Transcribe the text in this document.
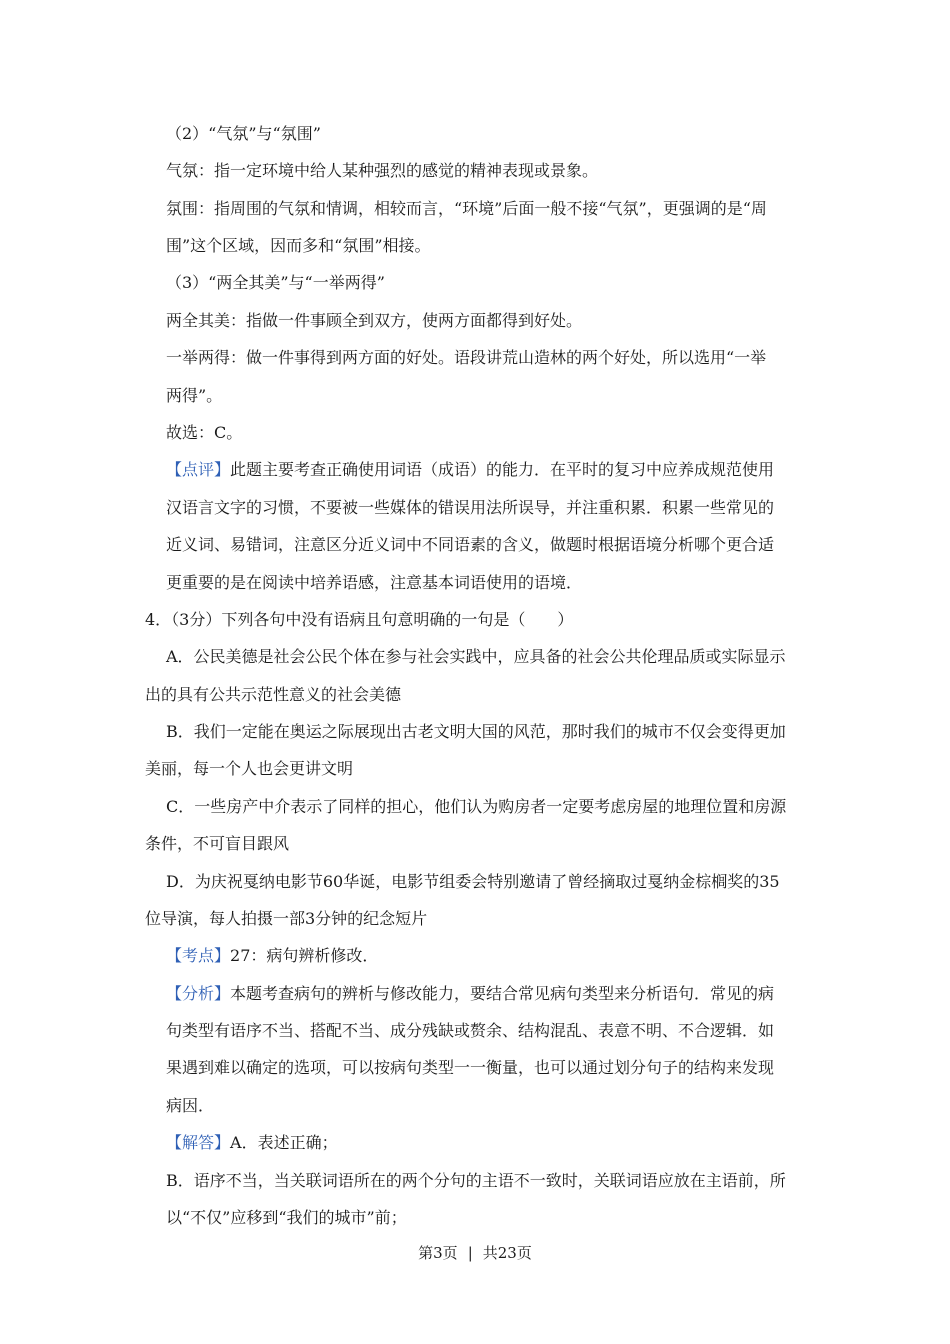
（2）“气氛”与“氛围”
气氛：指一定环境中给人某种强烈的感觉的精神表现或景象。
氛围：指周围的气氛和情调，相较而言，“环境”后面一般不接“气氛”，更强调的是“周
围”这个区域，因而多和“氛围”相接。
（3）“两全其美”与“一举两得”
两全其美：指做一件事顾全到双方，使两方面都得到好处。
一举两得：做一件事得到两方面的好处。语段讲荒山造林的两个好处，所以选用“一举
两得”。
故选：C。
【点评】此题主要考查正确使用词语（成语）的能力．在平时的复习中应养成规范使用
汉语言文字的习惯，不要被一些媒体的错误用法所误导，并注重积累．积累一些常见的
近义词、易错词，注意区分近义词中不同语素的含义，做题时根据语境分析哪个更合适
更重要的是在阅读中培养语感，注意基本词语使用的语境．
4．（3分）下列各句中没有语病且句意明确的一句是（　　）
A．公民美德是社会公民个体在参与社会实践中，应具备的社会公共伦理品质或实际显示
出的具有公共示范性意义的社会美德
B．我们一定能在奥运之际展现出古老文明大国的风范，那时我们的城市不仅会变得更加
美丽，每一个人也会更讲文明
C．一些房产中介表示了同样的担心，他们认为购房者一定要考虑房屋的地理位置和房源
条件，不可盲目跟风
D．为庆祝戛纳电影节60华诞，电影节组委会特别邀请了曾经摘取过戛纳金棕榈奖的35
位导演，每人拍摄一部3分钟的纪念短片
【考点】27：病句辨析修改．
【分析】本题考查病句的辨析与修改能力，要结合常见病句类型来分析语句．常见的病
句类型有语序不当、搭配不当、成分残缺或赘余、结构混乱、表意不明、不合逻辑．如
果遇到难以确定的选项，可以按病句类型一一衡量，也可以通过划分句子的结构来发现
病因．
【解答】A．表述正确；
B．语序不当，当关联词语所在的两个分句的主语不一致时，关联词语应放在主语前，所
以“不仅”应移到“我们的城市”前；
第3页 | 共23页
